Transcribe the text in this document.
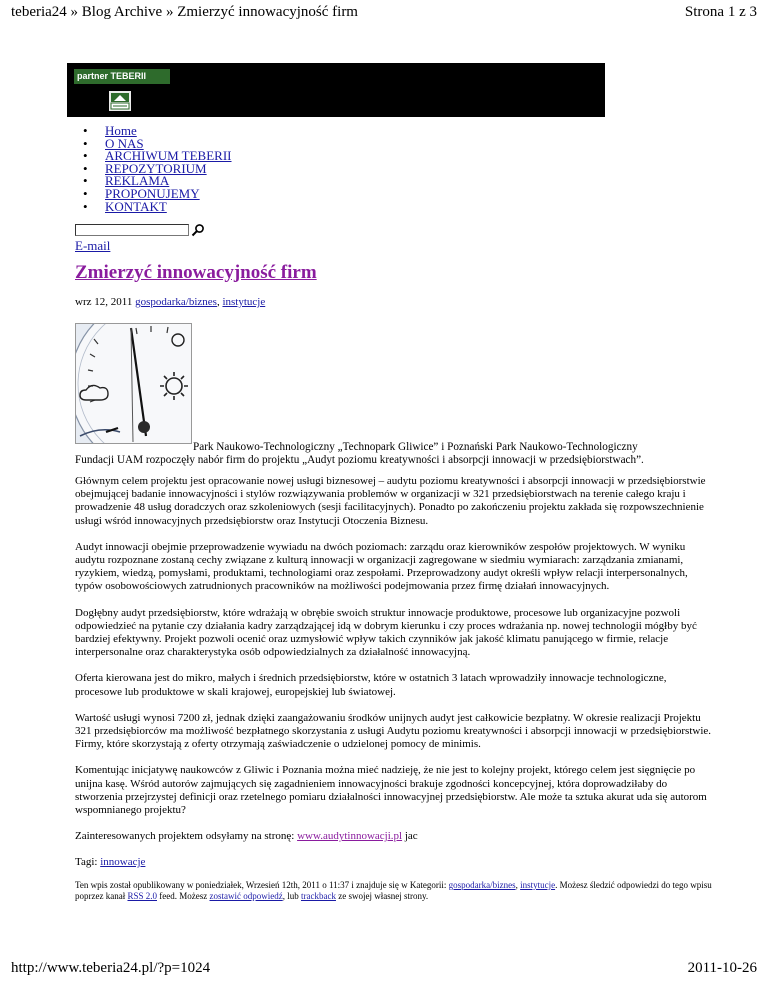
teberia24 » Blog Archive » Zmierzyć innowacyjność firm	Strona 1 z 3
partner TEBERII
• Home
• O NAS
• ARCHIWUM TEBERII
• REPOZYTORIUM
• REKLAMA
• PROPONUJEMY
• KONTAKT
E-mail
Zmierzyć innowacyjność firm
wrz 12, 2011 gospodarka/biznes, instytucje
Park Naukowo-Technologiczny „Technopark Gliwice” i Poznański Park Naukowo-Technologiczny
Fundacji UAM rozpoczęły nabór firm do projektu „Audyt poziomu kreatywności i absorpcji innowacji w przedsiębiorstwach”.

Głównym celem projektu jest opracowanie nowej usługi biznesowej – audytu poziomu kreatywności i absorpcji innowacji w przedsiębiorstwie obejmującej badanie innowacyjności i stylów rozwiązywania problemów w organizacji w 321 przedsiębiorstwach na terenie całego kraju i prowadzenie 48 usług doradczych oraz szkoleniowych (sesji facilitacyjnych). Ponadto po zakończeniu projektu zakłada się rozpowszechnienie usługi wśród innowacyjnych przedsiębiorstw oraz Instytucji Otoczenia Biznesu.

Audyt innowacji obejmie przeprowadzenie wywiadu na dwóch poziomach: zarządu oraz kierowników zespołów projektowych. W wyniku audytu rozpoznane zostaną cechy związane z kulturą innowacji w organizacji zagregowane w siedmiu wymiarach: zarządzania zmianami, ryzykiem, wiedzą, pomysłami, produktami, technologiami oraz zespołami. Przeprowadzony audyt określi wpływ relacji interpersonalnych, typów osobowościowych zatrudnionych pracowników na możliwości podejmowania przez firmę działań innowacyjnych.

Dogłębny audyt przedsiębiorstw, które wdrażają w obrębie swoich struktur innowacje produktowe, procesowe lub organizacyjne pozwoli odpowiedzieć na pytanie czy działania kadry zarządzającej idą w dobrym kierunku i czy proces wdrażania np. nowej technologii mógłby być bardziej efektywny. Projekt pozwoli ocenić oraz uzmysłowić wpływ takich czynników jak jakość klimatu panującego w firmie, relacje interpersonalne oraz charakterystyka osób odpowiedzialnych za działalność innowacyjną.

Oferta kierowana jest do mikro, małych i średnich przedsiębiorstw, które w ostatnich 3 latach wprowadziły innowacje technologiczne, procesowe lub produktowe w skali krajowej, europejskiej lub światowej.

Wartość usługi wynosi 7200 zł, jednak dzięki zaangażowaniu środków unijnych audyt jest całkowicie bezpłatny. W okresie realizacji Projektu 321 przedsiębiorców ma możliwość bezpłatnego skorzystania z usługi Audytu poziomu kreatywności i absorpcji innowacji w przedsiębiorstwie. Firmy, które skorzystają z oferty otrzymają zaświadczenie o udzielonej pomocy de minimis.

Komentując inicjatywę naukowców z Gliwic i Poznania można mieć nadzieję, że nie jest to kolejny projekt, którego celem jest sięgnięcie po unijna kasę. Wśród autorów zajmujących się zagadnieniem innowacyjności brakuje zgodności koncepcyjnej, która doprowadziłaby do stworzenia przejrzystej definicji oraz rzetelnego pomiaru działalności innowacyjnej przedsiębiorstw. Ale może ta sztuka akurat uda się autorom wspomnianego projektu?

Zainteresowanych projektem odsyłamy na stronę: www.audytinnowacji.pl jac

Tagi: innowacje
Ten wpis został opublikowany w poniedziałek, Wrzesień 12th, 2011 o 11:37 i znajduje się w Kategorii: gospodarka/biznes, instytucje. Możesz śledzić odpowiedzi do tego wpisu poprzez kanał RSS 2.0 feed. Możesz zostawić odpowiedź, lub trackback ze swojej własnej strony.
http://www.teberia24.pl/?p=1024	2011-10-26
